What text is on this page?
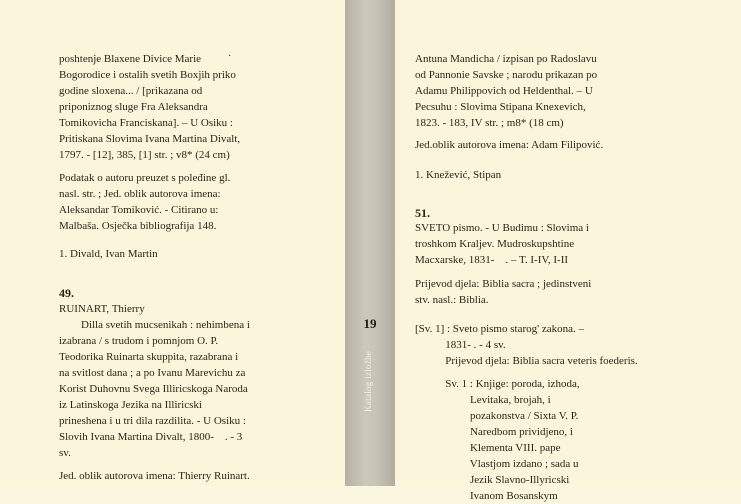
·

poshtenje Blaxene Divice Marie

Bogorodice i ostalih svetih Boxjih priko

godine sloxena... / [prikazana od

priponiznog sluge Fra Aleksandra

Tomikovicha Franciskana]. – U Osiku :

Pritiskana Slovima Ivana Martina Divalt,

1797. - [12], 385, [1] str. ; v8* (24 cm)

Podatak o autoru preuzet s poleđine gl.

nasl. str. ; Jed. oblik autorova imena:

Aleksandar Tomiković. - Citirano u:

Malbaša. Osječka bibliografija 148.

1. Divald, Ivan Martin

49.

RUINART, Thierry

Dilla svetih mucsenikah : nehimbena i

izabrana / s trudom i pomnjom O. P.

Teodorika Ruinarta skuppita, razabrana i

na svitlost dana ; a po Ivanu Marevichu za

Korist Duhovnu Svega Illiricskoga Naroda

iz Latinskoga Jezika na Illiricski

prineshena i u tri dila razdilita. - U Osiku :

Slovih Ivana Martina Divalt, 1800-    . - 3

sv.

Jed. oblik autorova imena: Thierry Ruinart.

19
Katalog izložbe

Antuna Mandicha / izpisan po Radoslavu

od Pannonie Savske ; narodu prikazan po

Adamu Philippovich od Heldenthal. – U

Pecsuhu : Slovima Stipana Knexevich,

1823. - 183, IV str. ; m8* (18 cm)

Jed.oblik autorova imena: Adam Filipović.

1. Knežević, Stipan

51.

SVETO pismo. - U Budimu : Slovima i

troshkom Kraljev. Mudroskupshtine

Macxarske, 1831-    . – T. I-IV, I-II

Prijevod djela: Biblia sacra ; jedinstveni

stv. nasl.: Biblia.

[Sv. 1] : Sveto pismo starog' zakona. –

1831- . - 4 sv.

Prijevod djela: Biblia sacra veteris foederis.

Sv. 1 : Knjige: poroda, izhoda,

Levitaka, brojah, i

pozakonstva / Sixta V. P.

Naredbom prividjeno, i

Klementa VIII. pape

Vlastjom izdano ; sada u

Jezik Slavno-Illyricski

Ivanom Bosanskym
